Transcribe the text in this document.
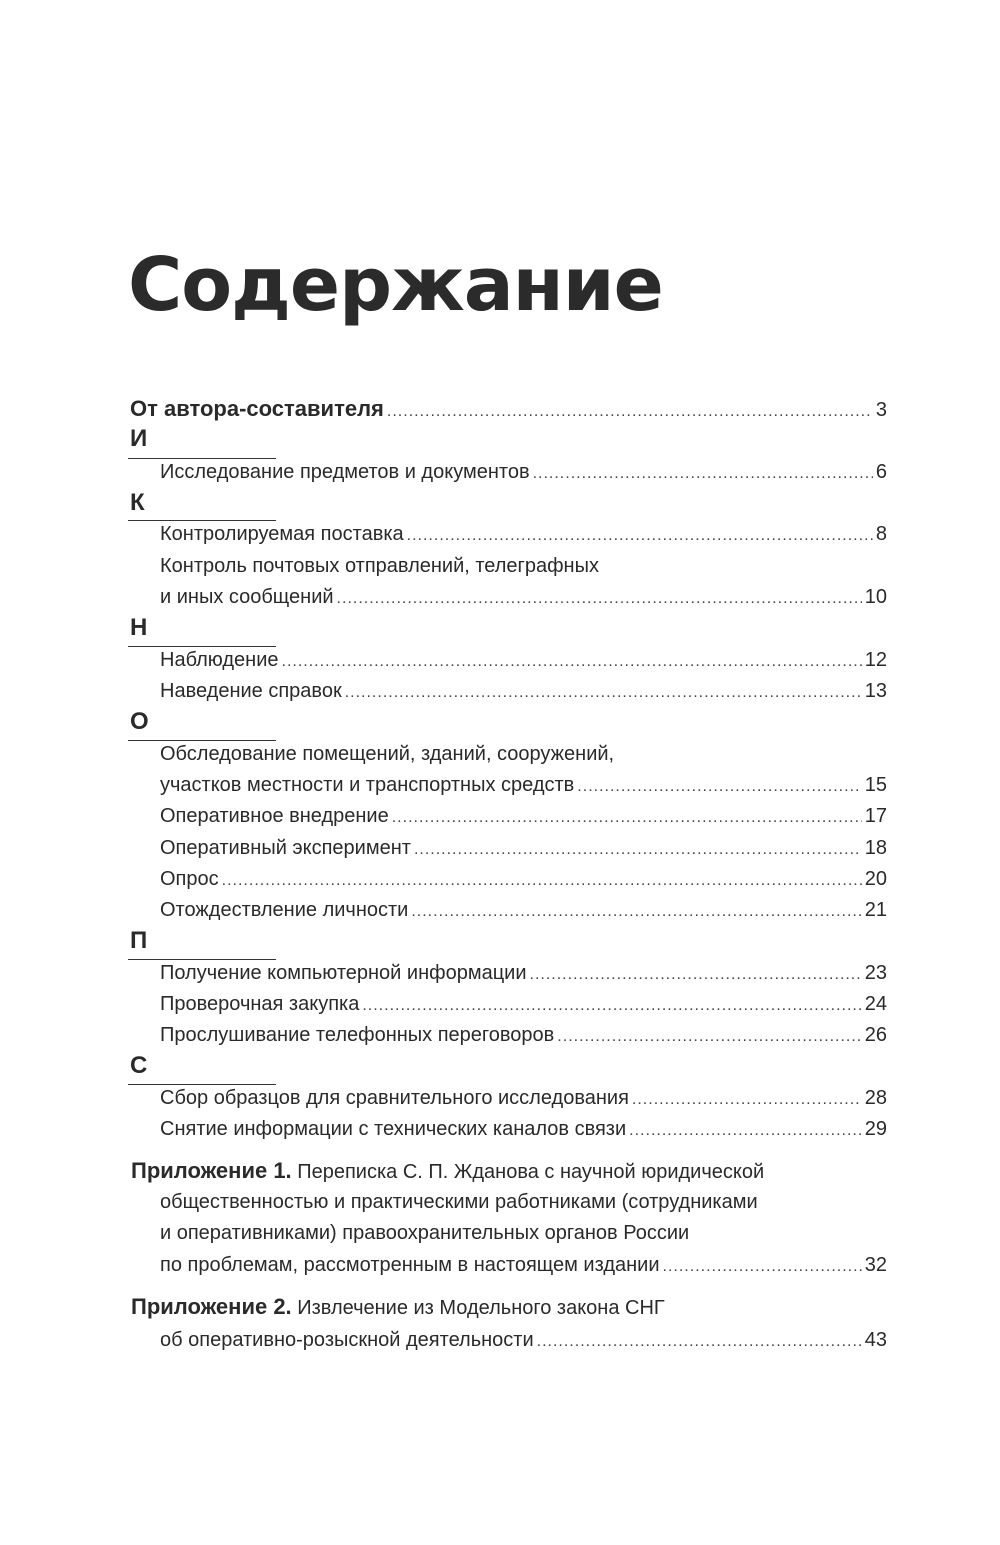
Содержание
От автора-составителя .....	3
И
Исследование предметов и документов .....	6
К
Контролируемая поставка .....	8
Контроль почтовых отправлений, телеграфных
и иных сообщений .....	10
Н
Наблюдение .....	12
Наведение справок .....	13
О
Обследование помещений, зданий, сооружений,
участков местности и транспортных средств .....	15
Оперативное внедрение .....	17
Оперативный эксперимент .....	18
Опрос .....	20
Отождествление личности .....	21
П
Получение компьютерной информации .....	23
Проверочная закупка .....	24
Прослушивание телефонных переговоров .....	26
С
Сбор образцов для сравнительного исследования .....	28
Снятие информации с технических каналов связи .....	29
Приложение 1. Переписка С. П. Жданова с научной юридической
общественностью и практическими работниками (сотрудниками
и оперативниками) правоохранительных органов России
по проблемам, рассмотренным в настоящем издании .....	32
Приложение 2. Извлечение из Модельного закона СНГ
об оперативно-розыскной деятельности .....	43
